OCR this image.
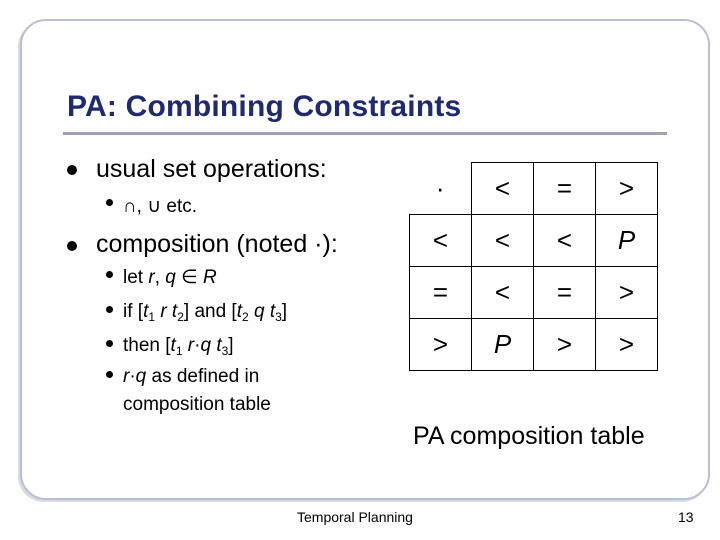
PA: Combining Constraints
usual set operations:
∩, ∪ etc.
composition (noted ·):
let r, q ∈ R
if [$t_1$ r $t_2$] and [$t_2$ q $t_3$]
then [$t_1$ r·q $t_3$]
r·q as defined in
composition table
·	<	=	>
<	<	<	P
=	<	=	>
>	P	>	>
PA composition table
Temporal Planning	13
